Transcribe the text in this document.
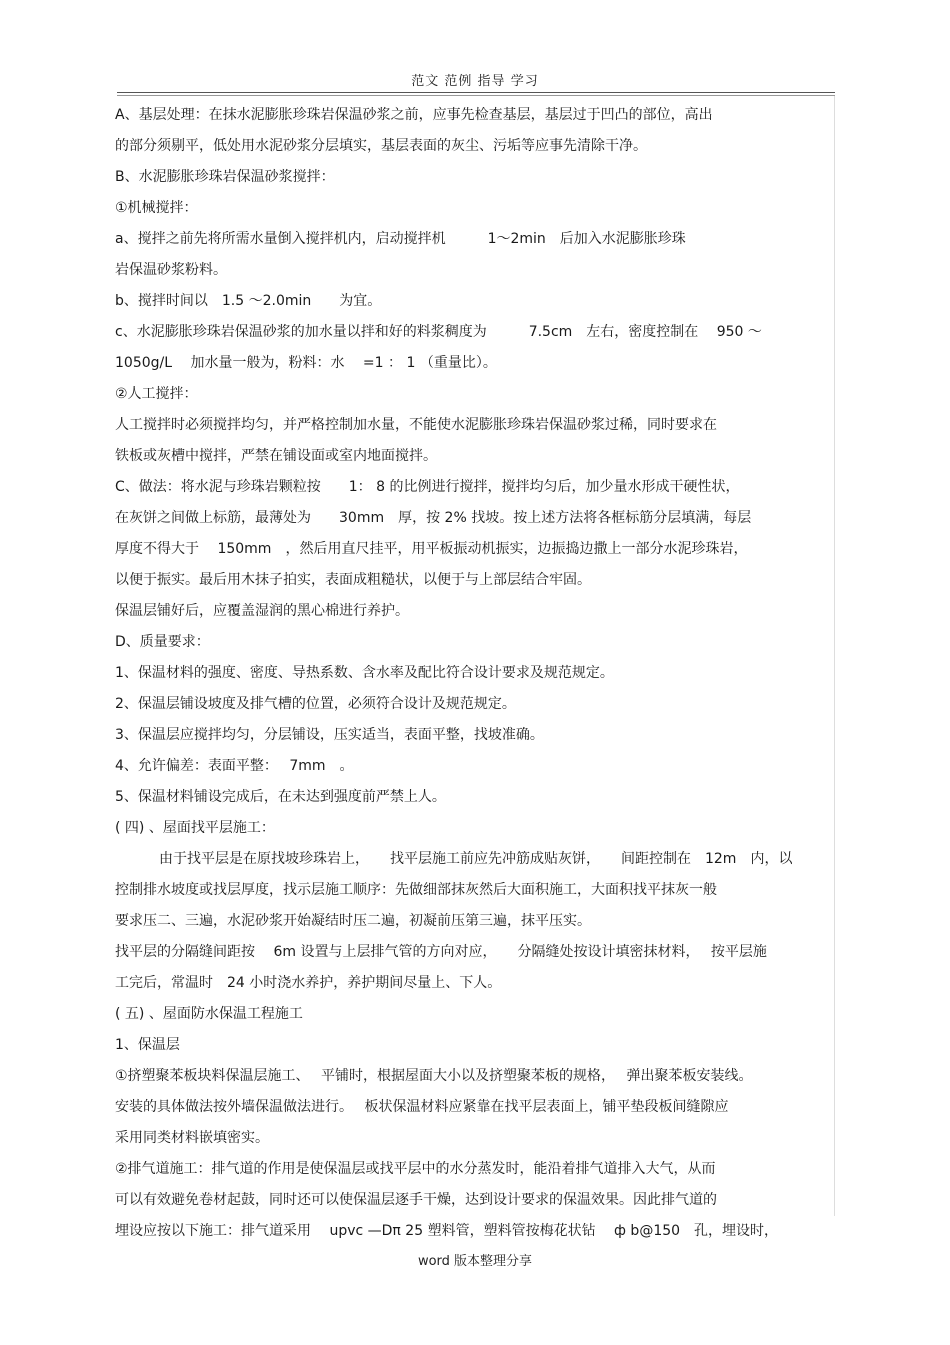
范文 范例 指导 学习
A、基层处理：在抹水泥膨胀珍珠岩保温砂浆之前，应事先检查基层，基层过于凹凸的部位，高出
的部分须剔平，低处用水泥砂浆分层填实，基层表面的灰尘、污垢等应事先清除干净。
B、水泥膨胀珍珠岩保温砂浆搅拌：
①机械搅拌：
a、搅拌之前先将所需水量倒入搅拌机内，启动搅拌机　　　1～2min　后加入水泥膨胀珍珠
岩保温砂浆粉料。
b、搅拌时间以　1.5 ～2.0min　　为宜。
c、水泥膨胀珍珠岩保温砂浆的加水量以拌和好的料浆稠度为　　　7.5cm　左右，密度控制在　 950 ～
1050g/L　 加水量一般为，粉料：水　 =1 ： 1 （重量比）。
②人工搅拌：
人工搅拌时必须搅拌均匀，并严格控制加水量，不能使水泥膨胀珍珠岩保温砂浆过稀，同时要求在
铁板或灰槽中搅拌，严禁在铺设面或室内地面搅拌。
C、做法：将水泥与珍珠岩颗粒按　　1： 8 的比例进行搅拌，搅拌均匀后，加少量水形成干硬性状，
在灰饼之间做上标筋，最薄处为　　30mm　厚，按 2% 找坡。按上述方法将各框标筋分层填满，每层
厚度不得大于　 150mm　，然后用直尺挂平，用平板振动机振实，边振捣边撒上一部分水泥珍珠岩，
以便于振实。最后用木抹子拍实，表面成粗糙状，以便于与上部层结合牢固。
保温层铺好后，应覆盖湿润的黑心棉进行养护。
D、质量要求：
1、保温材料的强度、密度、导热系数、含水率及配比符合设计要求及规范规定。
2、保温层铺设坡度及排气槽的位置，必须符合设计及规范规定。
3、保温层应搅拌均匀，分层铺设，压实适当，表面平整，找坡准确。
4、允许偏差：表面平整：　 7mm　。
5、保温材料铺设完成后，在未达到强度前严禁上人。
( 四) 、屋面找平层施工：
由于找平层是在原找坡珍珠岩上，　　找平层施工前应先冲筋成贴灰饼，　　间距控制在　12m　内，以
控制排水坡度或找层厚度，找示层施工顺序：先做细部抹灰然后大面积施工，大面积找平抹灰一般
要求压二、三遍，水泥砂浆开始凝结时压二遍，初凝前压第三遍，抹平压实。
找平层的分隔缝间距按　 6m 设置与上层排气管的方向对应，　　分隔缝处按设计填密抹材料，　 按平层施
工完后，常温时　24 小时浇水养护，养护期间尽量上、下人。
( 五) 、屋面防水保温工程施工
1、保温层
①挤塑聚苯板块料保温层施工、　 平铺时，根据屋面大小以及挤塑聚苯板的规格，　 弹出聚苯板安装线。
安装的具体做法按外墙保温做法进行。　 板状保温材料应紧靠在找平层表面上，铺平垫段板间缝隙应
采用同类材料嵌填密实。
②排气道施工：排气道的作用是使保温层或找平层中的水分蒸发时，能沿着排气道排入大气，从而
可以有效避免卷材起鼓，同时还可以使保温层逐手干燥，达到设计要求的保温效果。因此排气道的
埋设应按以下施工：排气道采用　 upvc —Dπ 25 塑料管，塑料管按梅花状钻　 ф b@150　孔，埋设时，
word 版本整理分享
